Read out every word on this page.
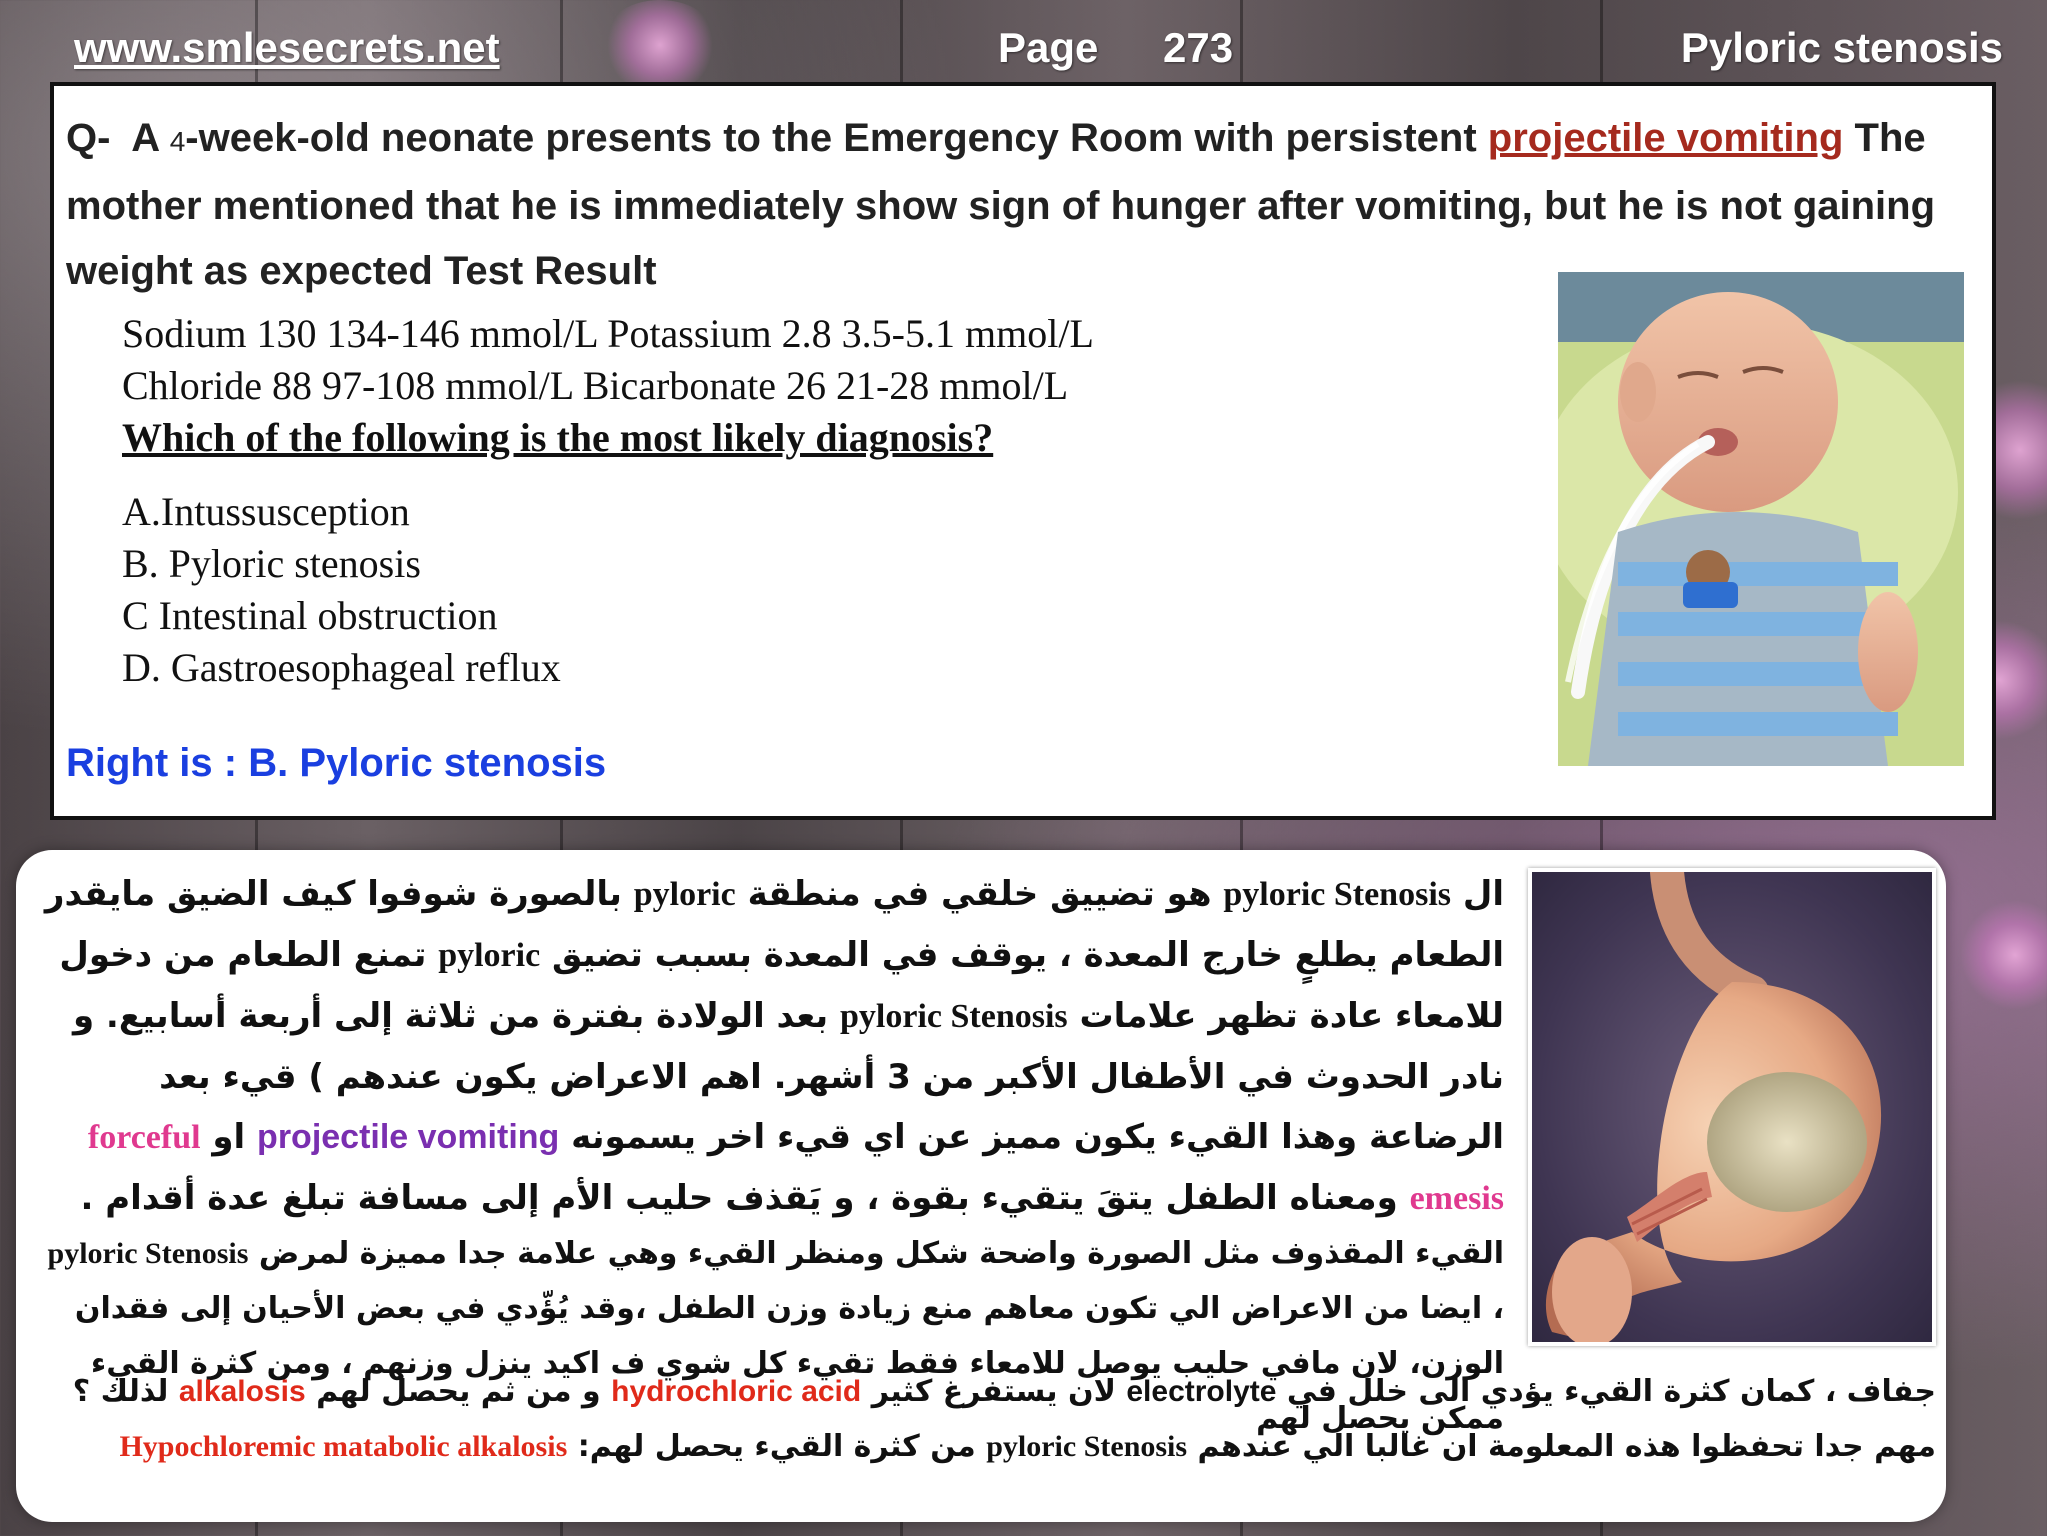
www.smlesecrets.net	Page 273	Pyloric stenosis
Q- A 4-week-old neonate presents to the Emergency Room with persistent projectile vomiting The mother mentioned that he is immediately show sign of hunger after vomiting, but he is not gaining weight as expected Test Result
Sodium 130 134-146 mmol/L Potassium 2.8 3.5-5.1 mmol/L
Chloride 88 97-108 mmol/L Bicarbonate 26 21-28 mmol/L
Which of the following is the most likely diagnosis?
A.Intussusception
B. Pyloric stenosis
C Intestinal obstruction
D. Gastroesophageal reflux
Right is : B. Pyloric stenosis
ال pyloric Stenosis هو تضييق خلقي في منطقة pyloric بالصورة شوفوا كيف الضيق مايقدر الطعام يطلعٍ خارج المعدة ، يوقف في المعدة بسبب تضيق pyloric تمنع الطعام من دخول للامعاء عادة تظهر علامات pyloric Stenosis بعد الولادة بفترة من ثلاثة إلى أربعة أسابيع. و نادر الحدوث في الأطفال الأكبر من 3 أشهر. اهم الاعراض يكون عندهم ) قيء بعد الرضاعة وهذا القيء يكون مميز عن اي قيء اخر يسمونه projectile vomiting او forceful emesis ومعناه الطفل يتقَ يتقيء بقوة ، و يَقذف حليب الأم إلى مسافة تبلغ عدة أقدام .
القيء المقذوف مثل الصورة واضحة شكل ومنظر القيء وهي علامة جدا مميزة لمرض pyloric Stenosis ، ايضا من الاعراض الي تكون معاهم منع زيادة وزن الطفل ،وقد يُؤّدي في بعض الأحيان إلى فقدان الوزن، لان مافي حليب يوصل للامعاء فقط تقيء كل شوي ف اكيد ينزل وزنهم ، ومن كثرة القيء ممكن يحصل لهم
جفاف ، كمان كثرة القيء يؤدي الى خلل في electrolyte لان يستفرغ كثير hydrochloric acid و من ثم يحصل لهم alkalosis لذلك ؟
مهم جدا تحفظوا هذه المعلومة ان غالبا الي عندهم pyloric Stenosis من كثرة القيء يحصل لهم: Hypochloremic matabolic alkalosis
